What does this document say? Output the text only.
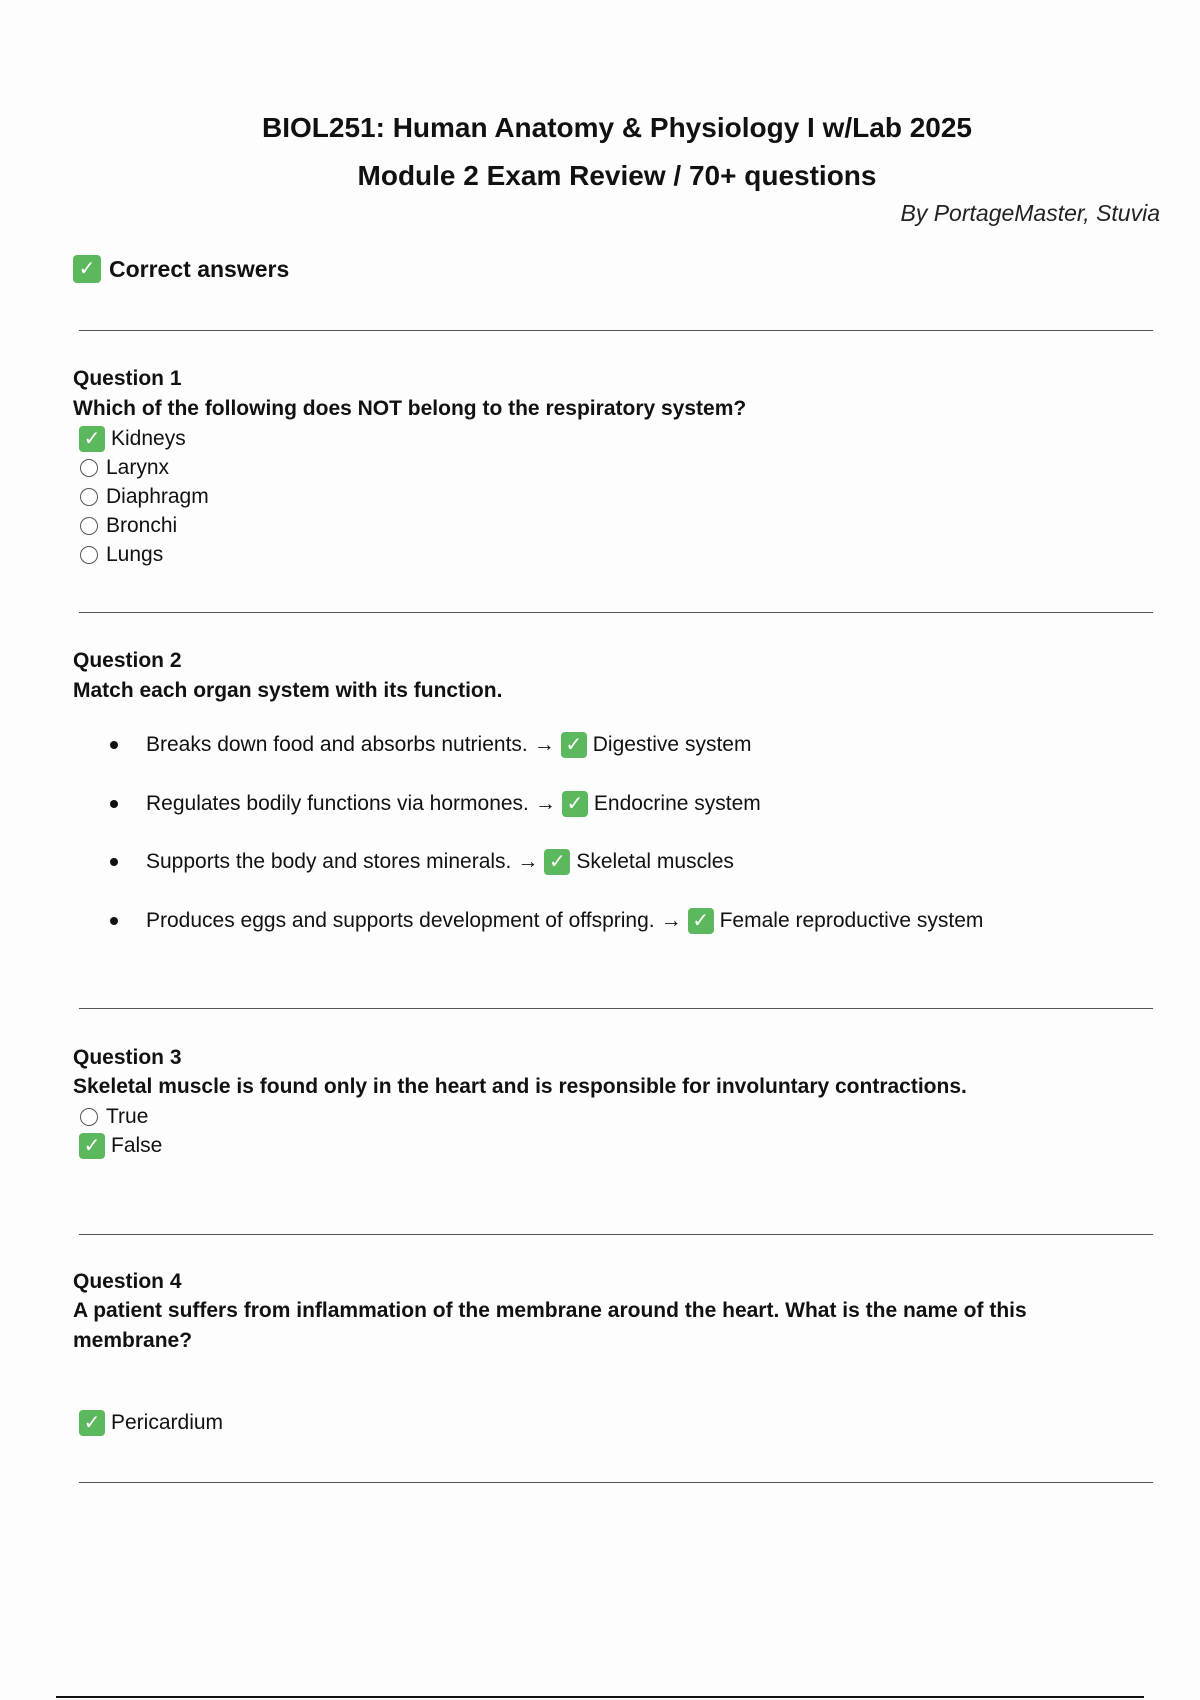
BIOL251: Human Anatomy & Physiology I w/Lab 2025
Module 2 Exam Review / 70+ questions
By PortageMaster, Stuvia
✓ Correct answers
Question 1
Which of the following does NOT belong to the respiratory system?
✓ Kidneys
Larynx
Diaphragm
Bronchi
Lungs
Question 2
Match each organ system with its function.
Breaks down food and absorbs nutrients. → ✓ Digestive system
Regulates bodily functions via hormones. → ✓ Endocrine system
Supports the body and stores minerals. → ✓ Skeletal muscles
Produces eggs and supports development of offspring. → ✓ Female reproductive system
Question 3
Skeletal muscle is found only in the heart and is responsible for involuntary contractions.
True
✓ False
Question 4
A patient suffers from inflammation of the membrane around the heart. What is the name of this membrane?
✓ Pericardium
